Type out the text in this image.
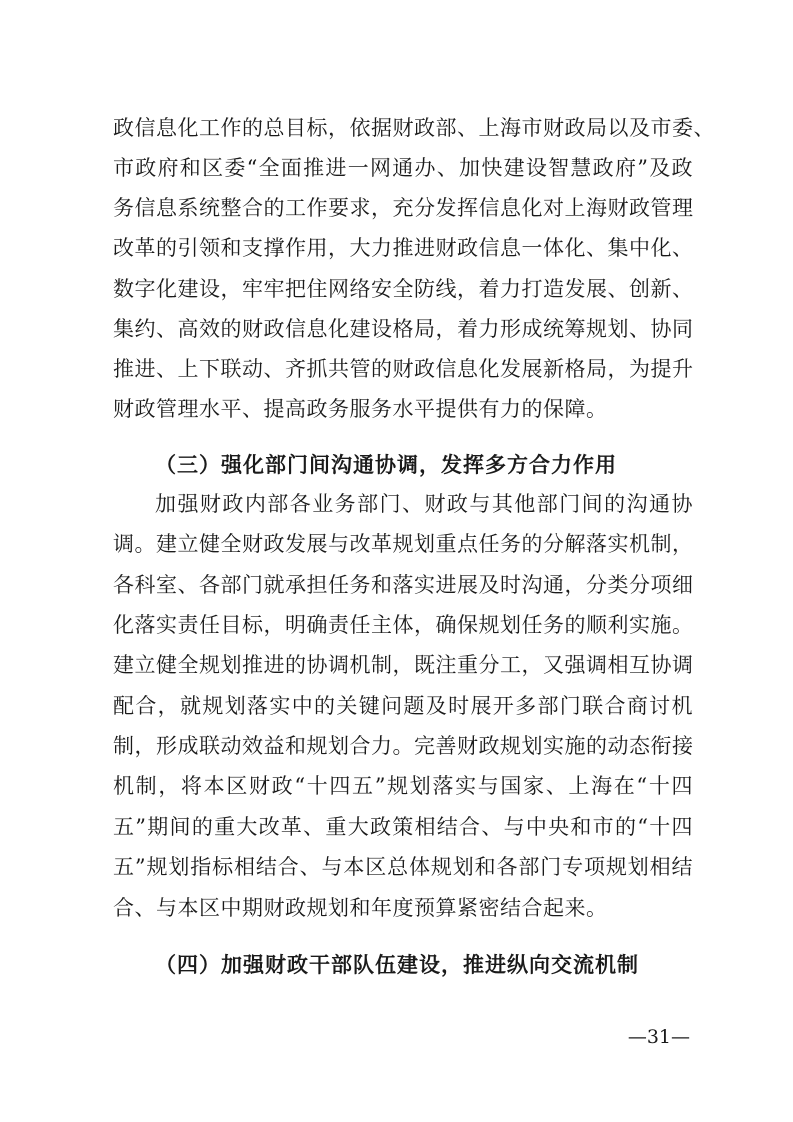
政信息化工作的总目标，依据财政部、上海市财政局以及市委、
市政府和区委“全面推进一网通办、加快建设智慧政府”及政
务信息系统整合的工作要求，充分发挥信息化对上海财政管理
改革的引领和支撑作用，大力推进财政信息一体化、集中化、
数字化建设，牢牢把住网络安全防线，着力打造发展、创新、
集约、高效的财政信息化建设格局，着力形成统筹规划、协同
推进、上下联动、齐抓共管的财政信息化发展新格局，为提升
财政管理水平、提高政务服务水平提供有力的保障。
（三）强化部门间沟通协调，发挥多方合力作用
加强财政内部各业务部门、财政与其他部门间的沟通协
调。建立健全财政发展与改革规划重点任务的分解落实机制，
各科室、各部门就承担任务和落实进展及时沟通，分类分项细
化落实责任目标，明确责任主体，确保规划任务的顺利实施。
建立健全规划推进的协调机制，既注重分工，又强调相互协调
配合，就规划落实中的关键问题及时展开多部门联合商讨机
制，形成联动效益和规划合力。完善财政规划实施的动态衔接
机制，将本区财政“十四五”规划落实与国家、上海在“十四
五”期间的重大改革、重大政策相结合、与中央和市的“十四
五”规划指标相结合、与本区总体规划和各部门专项规划相结
合、与本区中期财政规划和年度预算紧密结合起来。
（四）加强财政干部队伍建设，推进纵向交流机制
—31—
